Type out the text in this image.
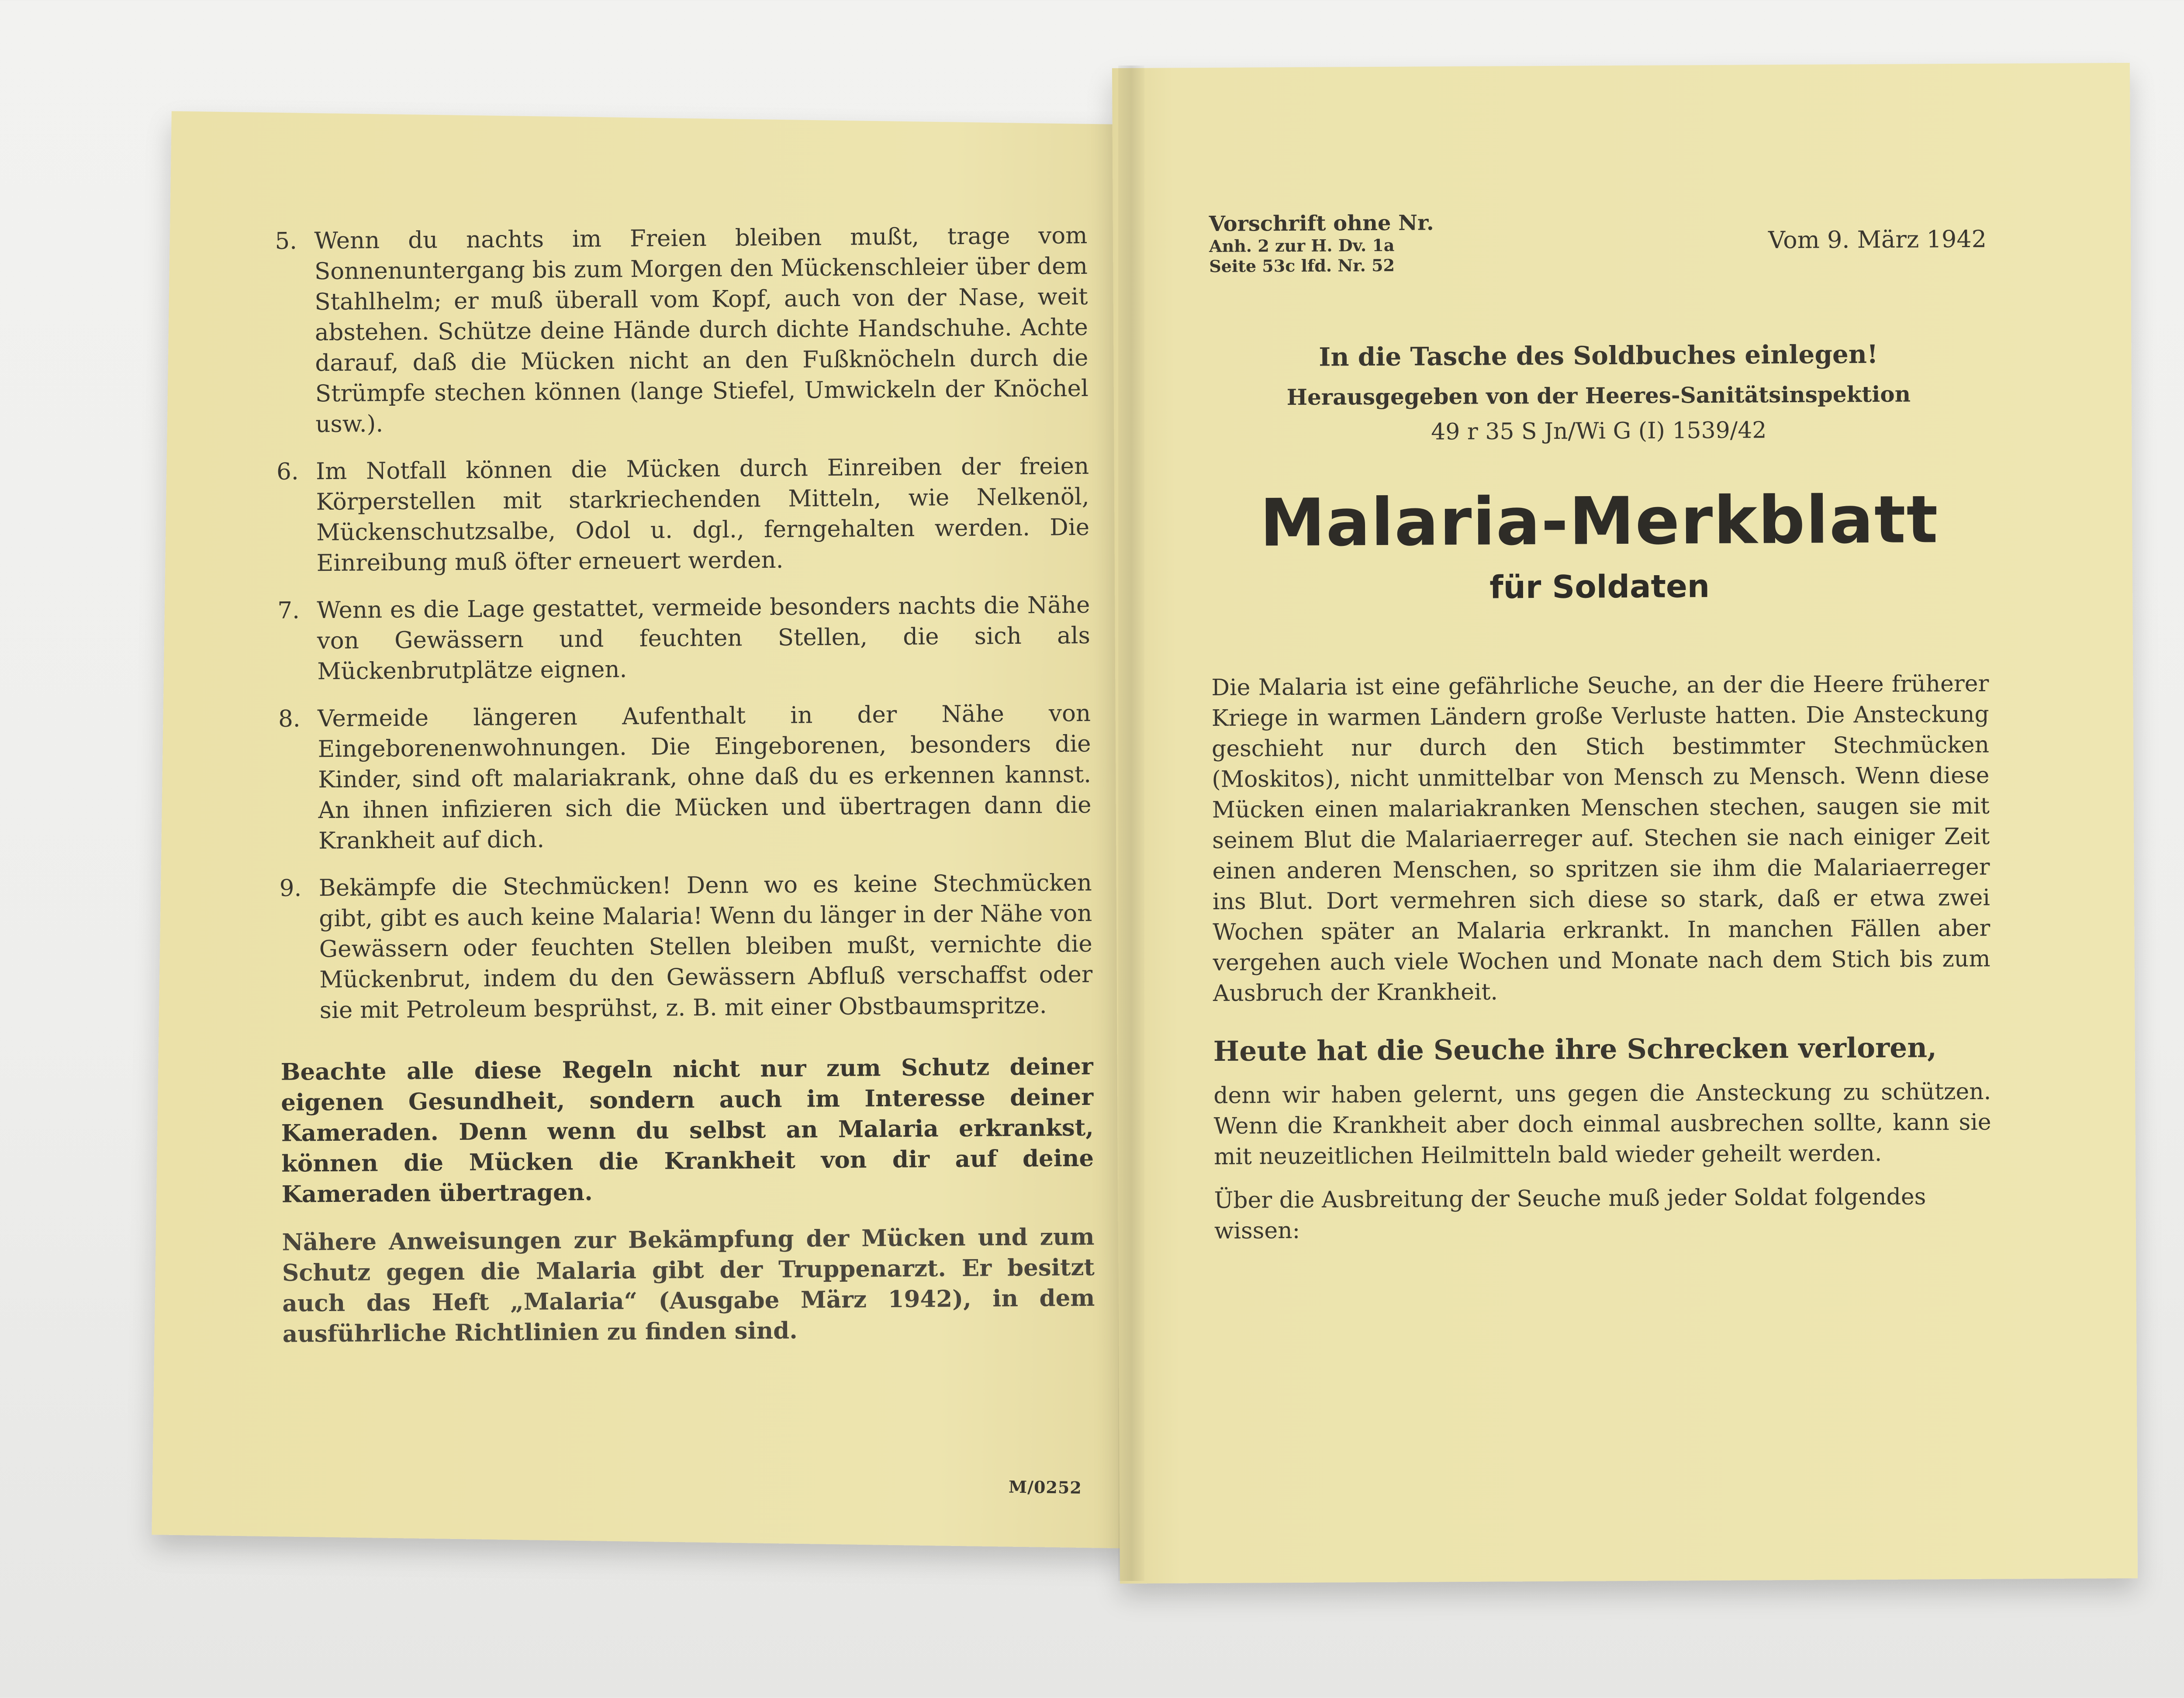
5. Wenn du nachts im Freien bleiben mußt, trage vom Sonnenuntergang bis zum Morgen den Mückenschleier über dem Stahlhelm; er muß überall vom Kopf, auch von der Nase, weit abstehen. Schütze deine Hände durch dichte Handschuhe. Achte darauf, daß die Mücken nicht an den Fußknöcheln durch die Strümpfe stechen können (lange Stiefel, Umwickeln der Knöchel usw.).
6. Im Notfall können die Mücken durch Einreiben der freien Körperstellen mit starkriechenden Mitteln, wie Nelkenöl, Mückenschutzsalbe, Odol u. dgl., ferngehalten werden. Die Einreibung muß öfter erneuert werden.
7. Wenn es die Lage gestattet, vermeide besonders nachts die Nähe von Gewässern und feuchten Stellen, die sich als Mückenbrutplätze eignen.
8. Vermeide längeren Aufenthalt in der Nähe von Eingeborenenwohnungen. Die Eingeborenen, besonders die Kinder, sind oft malariakrank, ohne daß du es erkennen kannst. An ihnen infizieren sich die Mücken und übertragen dann die Krankheit auf dich.
9. Bekämpfe die Stechmücken! Denn wo es keine Stechmücken gibt, gibt es auch keine Malaria! Wenn du länger in der Nähe von Gewässern oder feuchten Stellen bleiben mußt, vernichte die Mückenbrut, indem du den Gewässern Abfluß verschaffst oder sie mit Petroleum besprühst, z. B. mit einer Obstbaumspritze.
Beachte alle diese Regeln nicht nur zum Schutz deiner eigenen Gesundheit, sondern auch im Interesse deiner Kameraden. Denn wenn du selbst an Malaria erkrankst, können die Mücken die Krankheit von dir auf deine Kameraden übertragen.
Nähere Anweisungen zur Bekämpfung der Mücken und zum Schutz gegen die Malaria gibt der Truppenarzt. Er besitzt auch das Heft „Malaria“ (Ausgabe März 1942), in dem ausführliche Richtlinien zu finden sind.
M/0252
Vorschrift ohne Nr.
Anh. 2 zur H. Dv. 1a
Seite 53c lfd. Nr. 52
Vom 9. März 1942
In die Tasche des Soldbuches einlegen!
Herausgegeben von der Heeres-Sanitätsinspektion
49 r 35 S Jn/Wi G (I) 1539/42
Malaria-Merkblatt
für Soldaten
Die Malaria ist eine gefährliche Seuche, an der die Heere früherer Kriege in warmen Ländern große Verluste hatten. Die Ansteckung geschieht nur durch den Stich bestimmter Stechmücken (Moskitos), nicht unmittelbar von Mensch zu Mensch. Wenn diese Mücken einen malariakranken Menschen stechen, saugen sie mit seinem Blut die Malariaerreger auf. Stechen sie nach einiger Zeit einen anderen Menschen, so spritzen sie ihm die Malariaerreger ins Blut. Dort vermehren sich diese so stark, daß er etwa zwei Wochen später an Malaria erkrankt. In manchen Fällen aber vergehen auch viele Wochen und Monate nach dem Stich bis zum Ausbruch der Krankheit.
Heute hat die Seuche ihre Schrecken verloren,
denn wir haben gelernt, uns gegen die Ansteckung zu schützen. Wenn die Krankheit aber doch einmal ausbrechen sollte, kann sie mit neuzeitlichen Heilmitteln bald wieder geheilt werden.
Über die Ausbreitung der Seuche muß jeder Soldat folgendes wissen:
